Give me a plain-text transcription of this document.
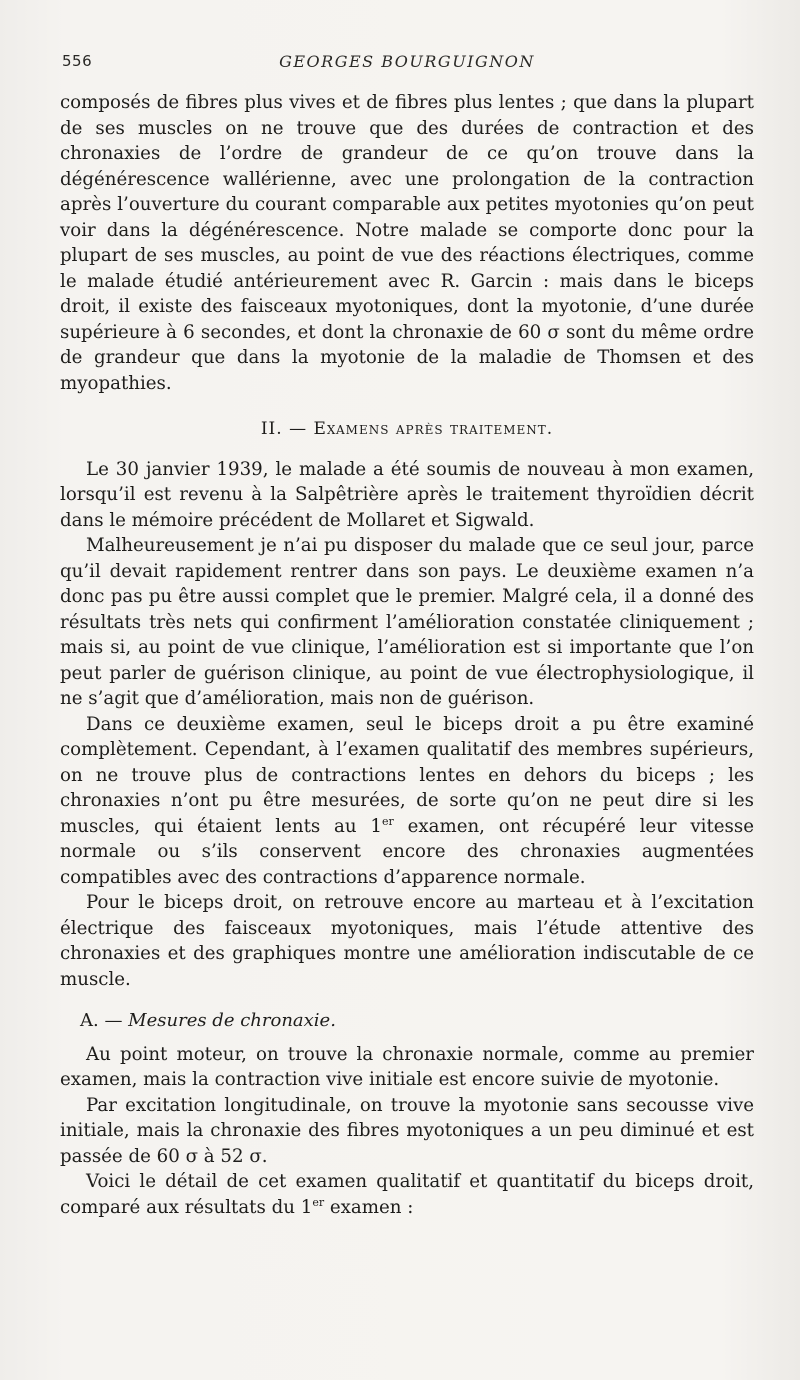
556	GEORGES BOURGUIGNON

composés de fibres plus vives et de fibres plus lentes ; que dans la plupart de ses muscles on ne trouve que des durées de contraction et des chronaxies de l’ordre de grandeur de ce qu’on trouve dans la dégénérescence wallérienne, avec une prolongation de la contraction après l’ouverture du courant comparable aux petites myotonies qu’on peut voir dans la dégénérescence. Notre malade se comporte donc pour la plupart de ses muscles, au point de vue des réactions électriques, comme le malade étudié antérieurement avec R. Garcin : mais dans le biceps droit, il existe des faisceaux myotoniques, dont la myotonie, d’une durée supérieure à 6 secondes, et dont la chronaxie de 60 σ sont du même ordre de grandeur que dans la myotonie de la maladie de Thomsen et des myopathies.

II. — Examens après traitement.

Le 30 janvier 1939, le malade a été soumis de nouveau à mon examen, lorsqu’il est revenu à la Salpêtrière après le traitement thyroïdien décrit dans le mémoire précédent de Mollaret et Sigwald.

Malheureusement je n’ai pu disposer du malade que ce seul jour, parce qu’il devait rapidement rentrer dans son pays. Le deuxième examen n’a donc pas pu être aussi complet que le premier. Malgré cela, il a donné des résultats très nets qui confirment l’amélioration constatée cliniquement ; mais si, au point de vue clinique, l’amélioration est si importante que l’on peut parler de guérison clinique, au point de vue électrophysiologique, il ne s’agit que d’amélioration, mais non de guérison.

Dans ce deuxième examen, seul le biceps droit a pu être examiné complètement. Cependant, à l’examen qualitatif des membres supérieurs, on ne trouve plus de contractions lentes en dehors du biceps ; les chronaxies n’ont pu être mesurées, de sorte qu’on ne peut dire si les muscles, qui étaient lents au 1er examen, ont récupéré leur vitesse normale ou s’ils conservent encore des chronaxies augmentées compatibles avec des contractions d’apparence normale.

Pour le biceps droit, on retrouve encore au marteau et à l’excitation électrique des faisceaux myotoniques, mais l’étude attentive des chronaxies et des graphiques montre une amélioration indiscutable de ce muscle.

A. — Mesures de chronaxie.

Au point moteur, on trouve la chronaxie normale, comme au premier examen, mais la contraction vive initiale est encore suivie de myotonie.

Par excitation longitudinale, on trouve la myotonie sans secousse vive initiale, mais la chronaxie des fibres myotoniques a un peu diminué et est passée de 60 σ à 52 σ.

Voici le détail de cet examen qualitatif et quantitatif du biceps droit, comparé aux résultats du 1er examen :
